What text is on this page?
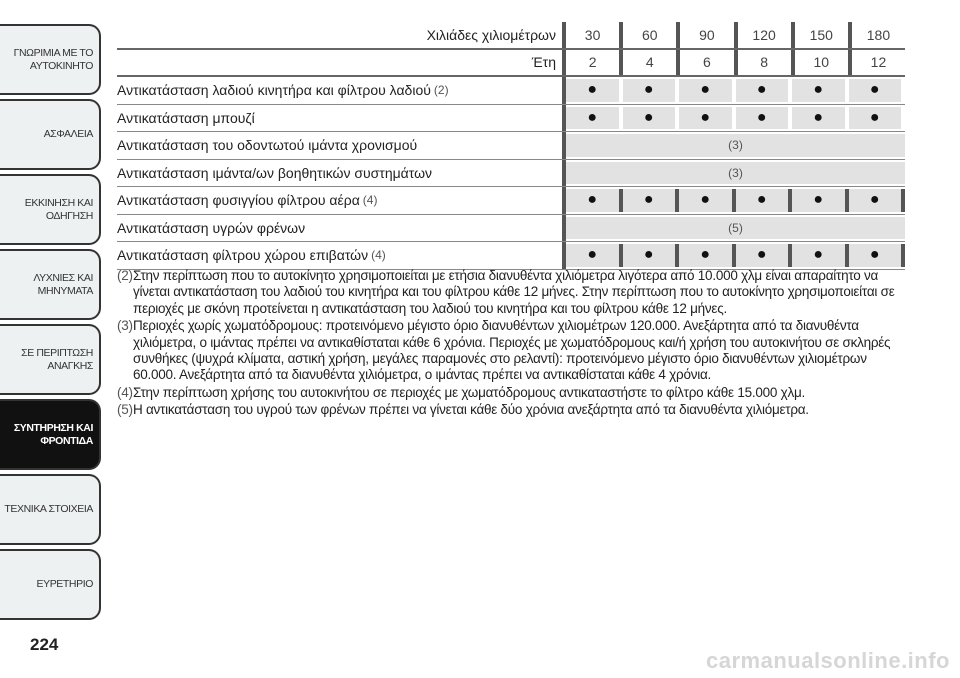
ΓΝΩΡΙΜΙΑ ΜΕ ΤΟ
ΑΥΤΟΚΙΝΗΤΟ
ΑΣΦΑΛΕΙΑ
ΕΚΚΙΝΗΣΗ ΚΑΙ
ΟΔΗΓΗΣΗ
ΛΥΧΝΙΕΣ ΚΑΙ
ΜΗΝΥΜΑΤΑ
ΣΕ ΠΕΡΙΠΤΩΣΗ
ΑΝΑΓΚΗΣ
ΣΥΝΤΗΡΗΣΗ ΚΑΙ
ΦΡΟΝΤΙΔΑ
ΤΕΧΝΙΚΑ ΣΤΟΙΧΕΙΑ
ΕΥΡΕΤΗΡΙΟ
224
Χιλιάδες χιλιομέτρων	30	60	90	120	150	180
Έτη	2	4	6	8	10	12
Αντικατάσταση λαδιού κινητήρα και φίλτρου λαδιού (2)	●	●	●	●	●	●
Αντικατάσταση μπουζί	●	●	●	●	●	●
Αντικατάσταση του οδοντωτού ιμάντα χρονισμού	(3)
Αντικατάσταση ιμάντα/ων βοηθητικών συστημάτων	(3)
Αντικατάσταση φυσιγγίου φίλτρου αέρα (4)	●	●	●	●	●	●
Αντικατάσταση υγρών φρένων	(5)
Αντικατάσταση φίλτρου χώρου επιβατών (4)	●	●	●	●	●	●
(2) Στην περίπτωση που το αυτοκίνητο χρησιμοποιείται με ετήσια διανυθέντα χιλιόμετρα λιγότερα από 10.000 χλμ είναι απαραίτητο να γίνεται αντικατάσταση του λαδιού του κινητήρα και του φίλτρου κάθε 12 μήνες. Στην περίπτωση που το αυτοκίνητο χρησιμοποιείται σε περιοχές με σκόνη προτείνεται η αντικατάσταση του λαδιού του κινητήρα και του φίλτρου κάθε 12 μήνες.
(3) Περιοχές χωρίς χωματόδρομους: προτεινόμενο μέγιστο όριο διανυθέντων χιλιομέτρων 120.000. Ανεξάρτητα από τα διανυθέντα χιλιόμετρα, ο ιμάντας πρέπει να αντικαθίσταται κάθε 6 χρόνια. Περιοχές με χωματόδρομους και/ή χρήση του αυτοκινήτου σε σκληρές συνθήκες (ψυχρά κλίματα, αστική χρήση, μεγάλες παραμονές στο ρελαντί): προτεινόμενο μέγιστο όριο διανυθέντων χιλιομέτρων 60.000. Ανεξάρτητα από τα διανυθέντα χιλιόμετρα, ο ιμάντας πρέπει να αντικαθίσταται κάθε 4 χρόνια.
(4) Στην περίπτωση χρήσης του αυτοκινήτου σε περιοχές με χωματόδρομους αντικαταστήστε το φίλτρο κάθε 15.000 χλμ.
(5) Η αντικατάσταση του υγρού των φρένων πρέπει να γίνεται κάθε δύο χρόνια ανεξάρτητα από τα διανυθέντα χιλιόμετρα.
carmanualsonline.info
